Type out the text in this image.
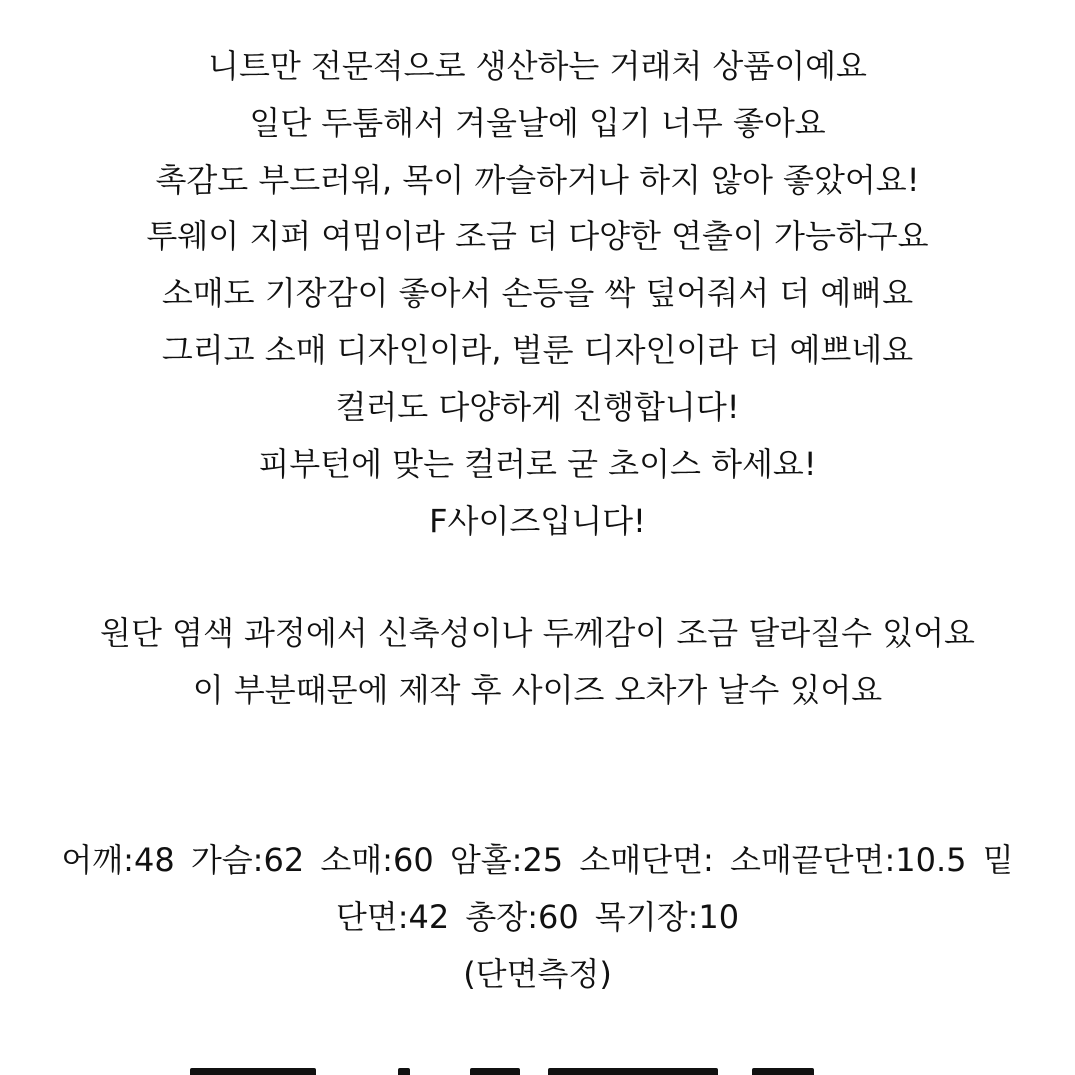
니트만 전문적으로 생산하는 거래처 상품이예요
일단 두툼해서 겨울날에 입기 너무 좋아요
촉감도 부드러워, 목이 까슬하거나 하지 않아 좋았어요!
투웨이 지퍼 여밈이라 조금 더 다양한 연출이 가능하구요
소매도 기장감이 좋아서 손등을 싹 덮어줘서 더 예뻐요
그리고 소매 디자인이라, 벌룬 디자인이라 더 예쁘네요
컬러도 다양하게 진행합니다!
피부턴에 맞는 컬러로 굳 초이스 하세요!
F사이즈입니다!
원단 염색 과정에서 신축성이나 두께감이 조금 달라질수 있어요
이 부분때문에 제작 후 사이즈 오차가 날수 있어요
어깨:48 가슴:62 소매:60 암홀:25 소매단면: 소매끝단면:10.5 밑
단면:42 총장:60 목기장:10
(단면측정)
